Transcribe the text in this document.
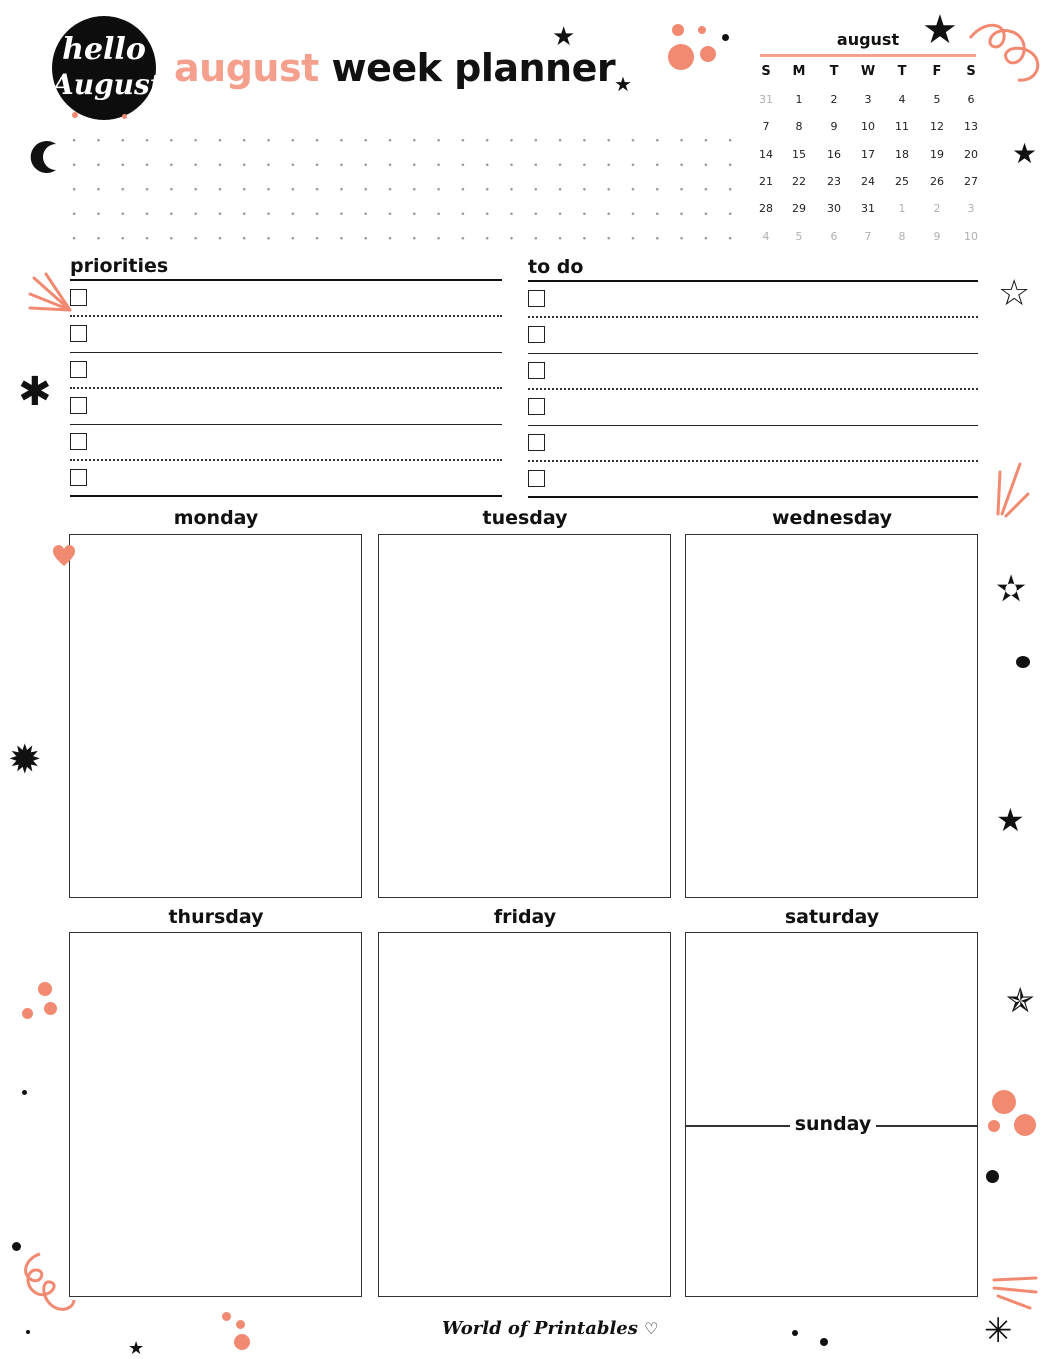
hello
August august week planner
august
S	M	T	W	T	F	S
31	1	2	3	4	5	6
7	8	9	10	11	12	13
14	15	16	17	18	19	20
21	22	23	24	25	26	27
28	29	30	31	1	2	3
4	5	6	7	8	9	10
priorities	to do
monday	tuesday	wednesday
thursday	friday	saturday
sunday
World of Printables ♡
★
★
★
★
✱
★
★	✳
✹
☆
✫
✯
